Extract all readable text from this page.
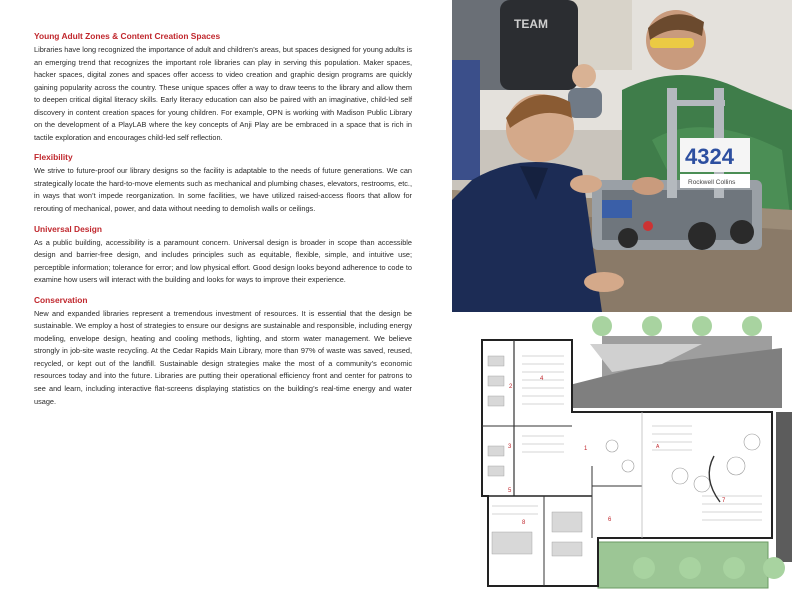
Young Adult Zones & Content Creation Spaces

Libraries have long recognized the importance of adult and children’s areas, but spaces designed for young adults is an emerging trend that recognizes the important role libraries can play in serving this population. Maker spaces, hacker spaces, digital zones and spaces offer access to video creation and graphic design programs are quickly gaining popularity across the country. These unique spaces offer a way to draw teens to the library and allow them to deepen critical digital literacy skills. Early literacy education can also be paired with an imaginative, child-led self discovery in content creation spaces for young children. For example, OPN is working with Madison Public Library on the development of a PlayLAB where the key concepts of Anji Play are be embraced in a space that is rich in tactile exploration and encourages child-led self reflection.

Flexibility

We strive to future-proof our library designs so the facility is adaptable to the needs of future generations. We can strategically locate the hard-to-move elements such as mechanical and plumbing chases, elevators, restrooms, etc., in ways that won’t impede reorganization. In some facilities, we have utilized raised-access floors that allow for rerouting of mechanical, power, and data without needing to demolish walls or ceilings.

Universal Design

As a public building, accessibility is a paramount concern. Universal design is broader in scope than accessible design and barrier-free design, and includes principles such as equitable, flexible, simple, and intuitive use; perceptible information; tolerance for error; and low physical effort. Good design looks beyond adherence to code to examine how users will interact with the building and looks for ways to improve their experience.

Conservation

New and expanded libraries represent a tremendous investment of resources. It is essential that the design be sustainable. We employ a host of strategies to ensure our designs are sustainable and responsible, including energy modeling, envelope design, heating and cooling methods, lighting, and storm water management. We believe strongly in job-site waste recycling. At the Cedar Rapids Main Library, more than 97% of waste was saved, reused, recycled, or kept out of the landfill. Sustainable design strategies make the most of a community’s economic resources today and into the future. Libraries are putting their operational efficiency front and center for patrons to see and learn, including interactive flat-screens displaying statistics on the building’s real-time energy and water usage.

TEAM
4324
Rockwell Collins
1
2
3
4
5
6
7
8
A
